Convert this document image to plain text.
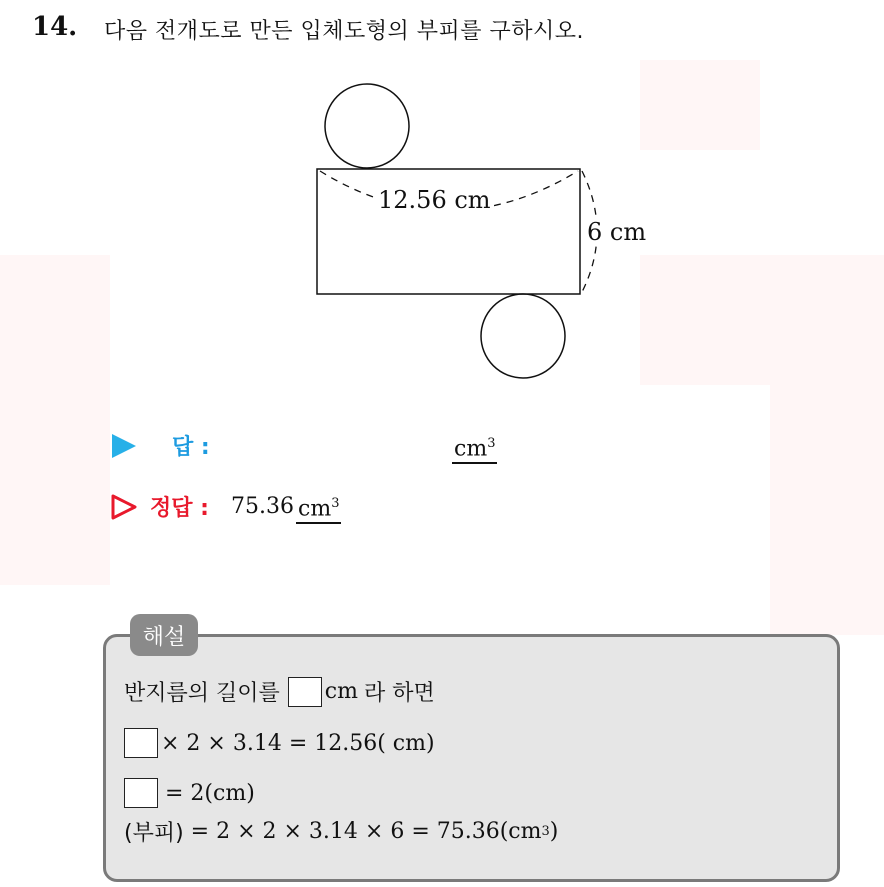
14. 다음 전개도로 만든 입체도형의 부피를 구하시오.
12.56 cm
6 cm
답 :	$cm^3$
정답 : 75.36 $cm^3$
해설
반지름의 길이를 cm 라 하면
× 2 × 3.14 = 12.56( cm)
= 2(cm)
(부피) = 2 × 2 × 3.14 × 6 = 75.36(cm 3 )
